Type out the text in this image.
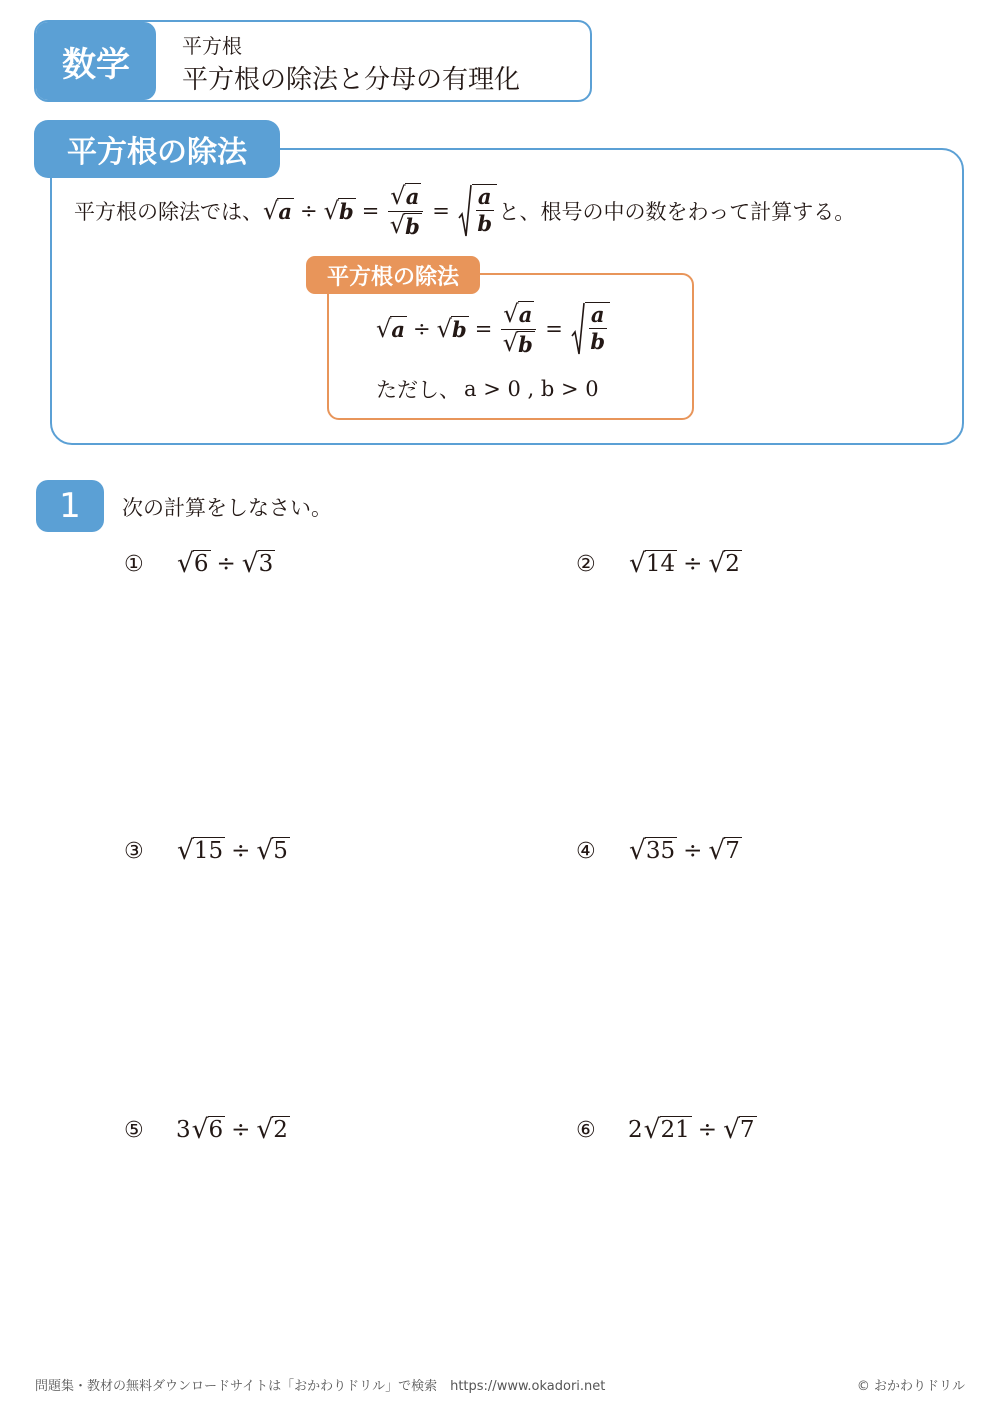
数学	平方根
平方根の除法と分母の有理化
平方根の除法
平方根の除法では、 √ a ÷ √ $b = \frac{√ a}{√ b} = \frac{a}{b}$ と、根号の中の数をわって計算する。
平方根の除法
√ a ÷ √ $b = \frac{√ a}{√ b} = \frac{a}{b}$
ただし、 a > 0 , b > 0
1	次の計算をしなさい。
①	√ 6 ÷ √ 3	②	√ 14 ÷ √ 2
③	√ 15 ÷ √ 5	④	√ 35 ÷ √ 7
⑤	3 √ 6 ÷ √ 2	⑥	2 √ 21 ÷ √ 7
問題集・教材の無料ダウンロードサイトは「おかわりドリル」で検索　https://www.okadori.net	© おかわりドリル
